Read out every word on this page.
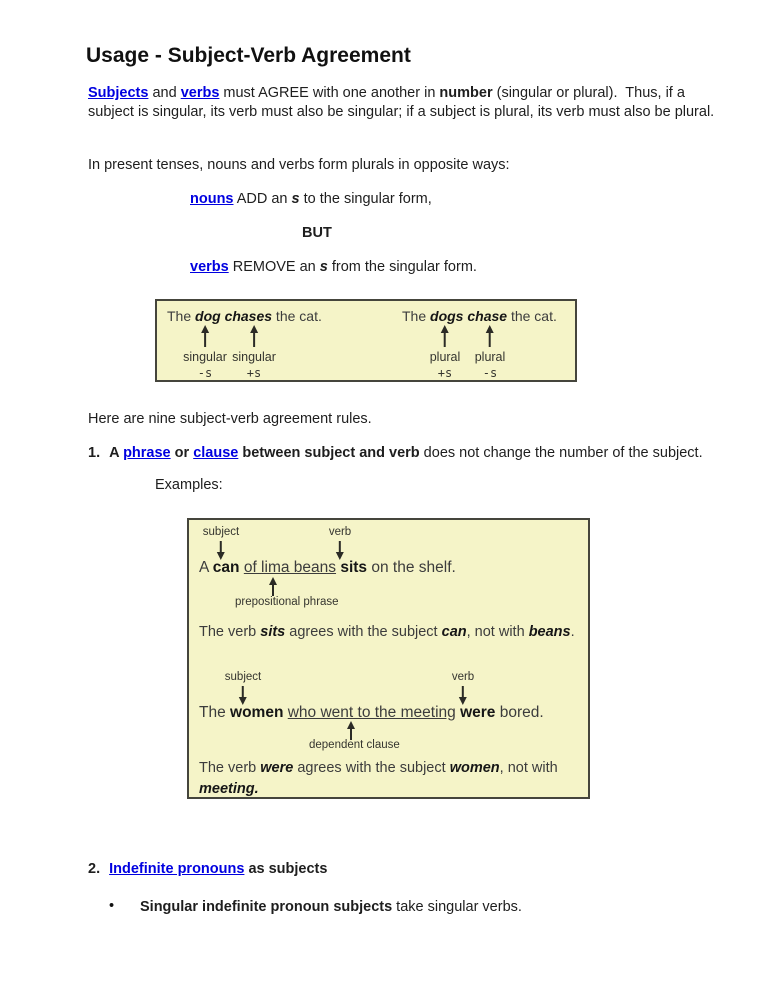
Usage - Subject-Verb Agreement

Subjects and verbs must AGREE with one another in number (singular or plural).  Thus, if a subject is singular, its verb must also be singular; if a subject is plural, its verb must also be plural.

In present tenses, nouns and verbs form plurals in opposite ways:

nouns ADD an s to the singular form,

BUT

verbs REMOVE an s from the singular form.

The dog chases the cat.	The dogs chase the cat.

singular
-s
singular
+s
plural
+s
plural
-s

Here are nine subject-verb agreement rules.

1. A phrase or clause between subject and verb does not change the number of the subject.

Examples:

subject	verb

A can of lima beans sits on the shelf.

prepositional phrase

The verb sits agrees with the subject can, not with beans.

subject	verb

The women who went to the meeting were bored.

dependent clause

The verb were agrees with the subject women, not with meeting.

2. Indefinite pronouns as subjects

• Singular indefinite pronoun subjects take singular verbs.
